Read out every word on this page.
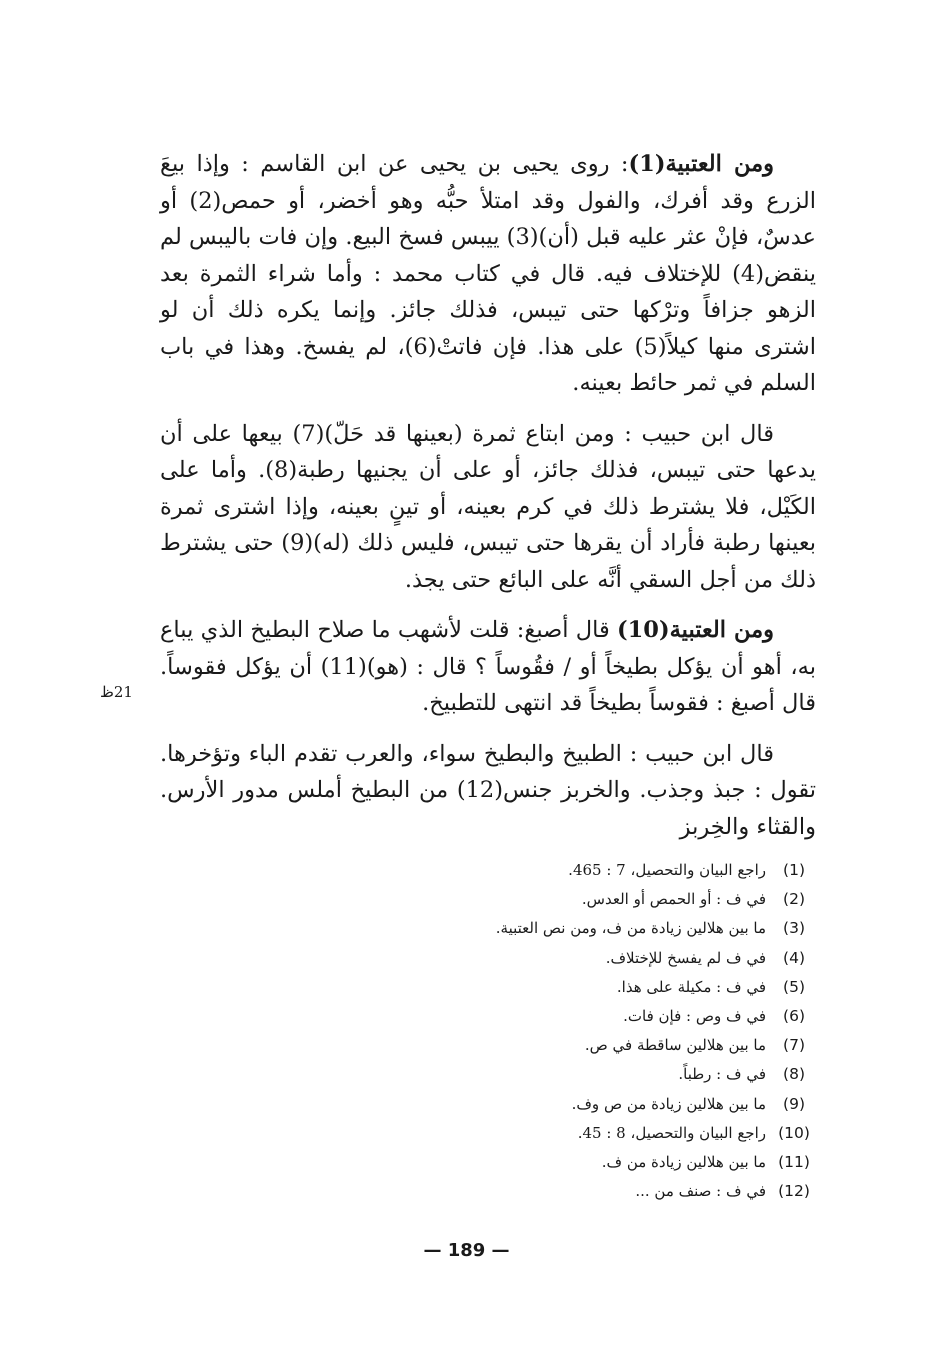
ومن العتبية(1): روى يحيى بن يحيى عن ابن القاسم : وإذا بيعَ الزرع وقد أفرك، والفول وقد امتلأ حبُّه وهو أخضر، أو حمص(2) أو عدسٌ، فإنْ عثر عليه قبل (أن)(3) ييبس فسخ البيع. وإن فات باليبس لم ينقض(4) للإختلاف فيه. قال في كتاب محمد : وأما شراء الثمرة بعد الزهو جزافاً وترْكها حتى تيبس، فذلك جائز. وإنما يكره ذلك أن لو اشترى منها كيلاً(5) على هذا. فإن فاتتْ(6)، لم يفسخ. وهذا في باب السلم في ثمر حائط بعينه.

قال ابن حبيب : ومن ابتاع ثمرة (بعينها قد حَلّ)(7) بيعها على أن يدعها حتى تيبس، فذلك جائز، أو على أن يجنيها رطبة(8). وأما على الكَيْل، فلا يشترط ذلك في كرم بعينه، أو تينٍ بعينه، وإذا اشترى ثمرة بعينها رطبة فأراد أن يقرها حتى تيبس، فليس ذلك (له)(9) حتى يشترط ذلك من أجل السقي أنَّه على البائع حتى يجذ.

ومن العتبية(10) قال أصبغ: قلت لأشهب ما صلاح البطيخ الذي يباع به، أهو أن يؤكل بطيخاً أو / فقُوساً ؟ قال : (هو)(11) أن يؤكل فقوساً. قال أصبغ : فقوساً بطيخاً قد انتهى للتطبيخ.

قال ابن حبيب : الطبيخ والبطيخ سواء، والعرب تقدم الباء وتؤخرها. تقول : جبذ وجذب. والخربز جنس(12) من البطيخ أملس مدور الأرس. والقثاء والخِربز

21ظ
(1)
راجع البيان والتحصيل، 7 : 465.
(2)
في ف : أو الحمص أو العدس.
(3)
ما بين هلالين زيادة من ف، ومن نص العتبية.
(4)
في ف لم يفسخ للإختلاف.
(5)
في ف : مكيلة على هذا.
(6)
في ف وص : فإن فات.
(7)
ما بين هلالين ساقطة في ص.
(8)
في ف : رطباً.
(9)
ما بين هلالين زيادة من ص وف.
(10)
راجع البيان والتحصيل، 8 : 45.
(11)
ما بين هلالين زيادة من ف.
(12)
في ف : صنف من ...
— 189 —
